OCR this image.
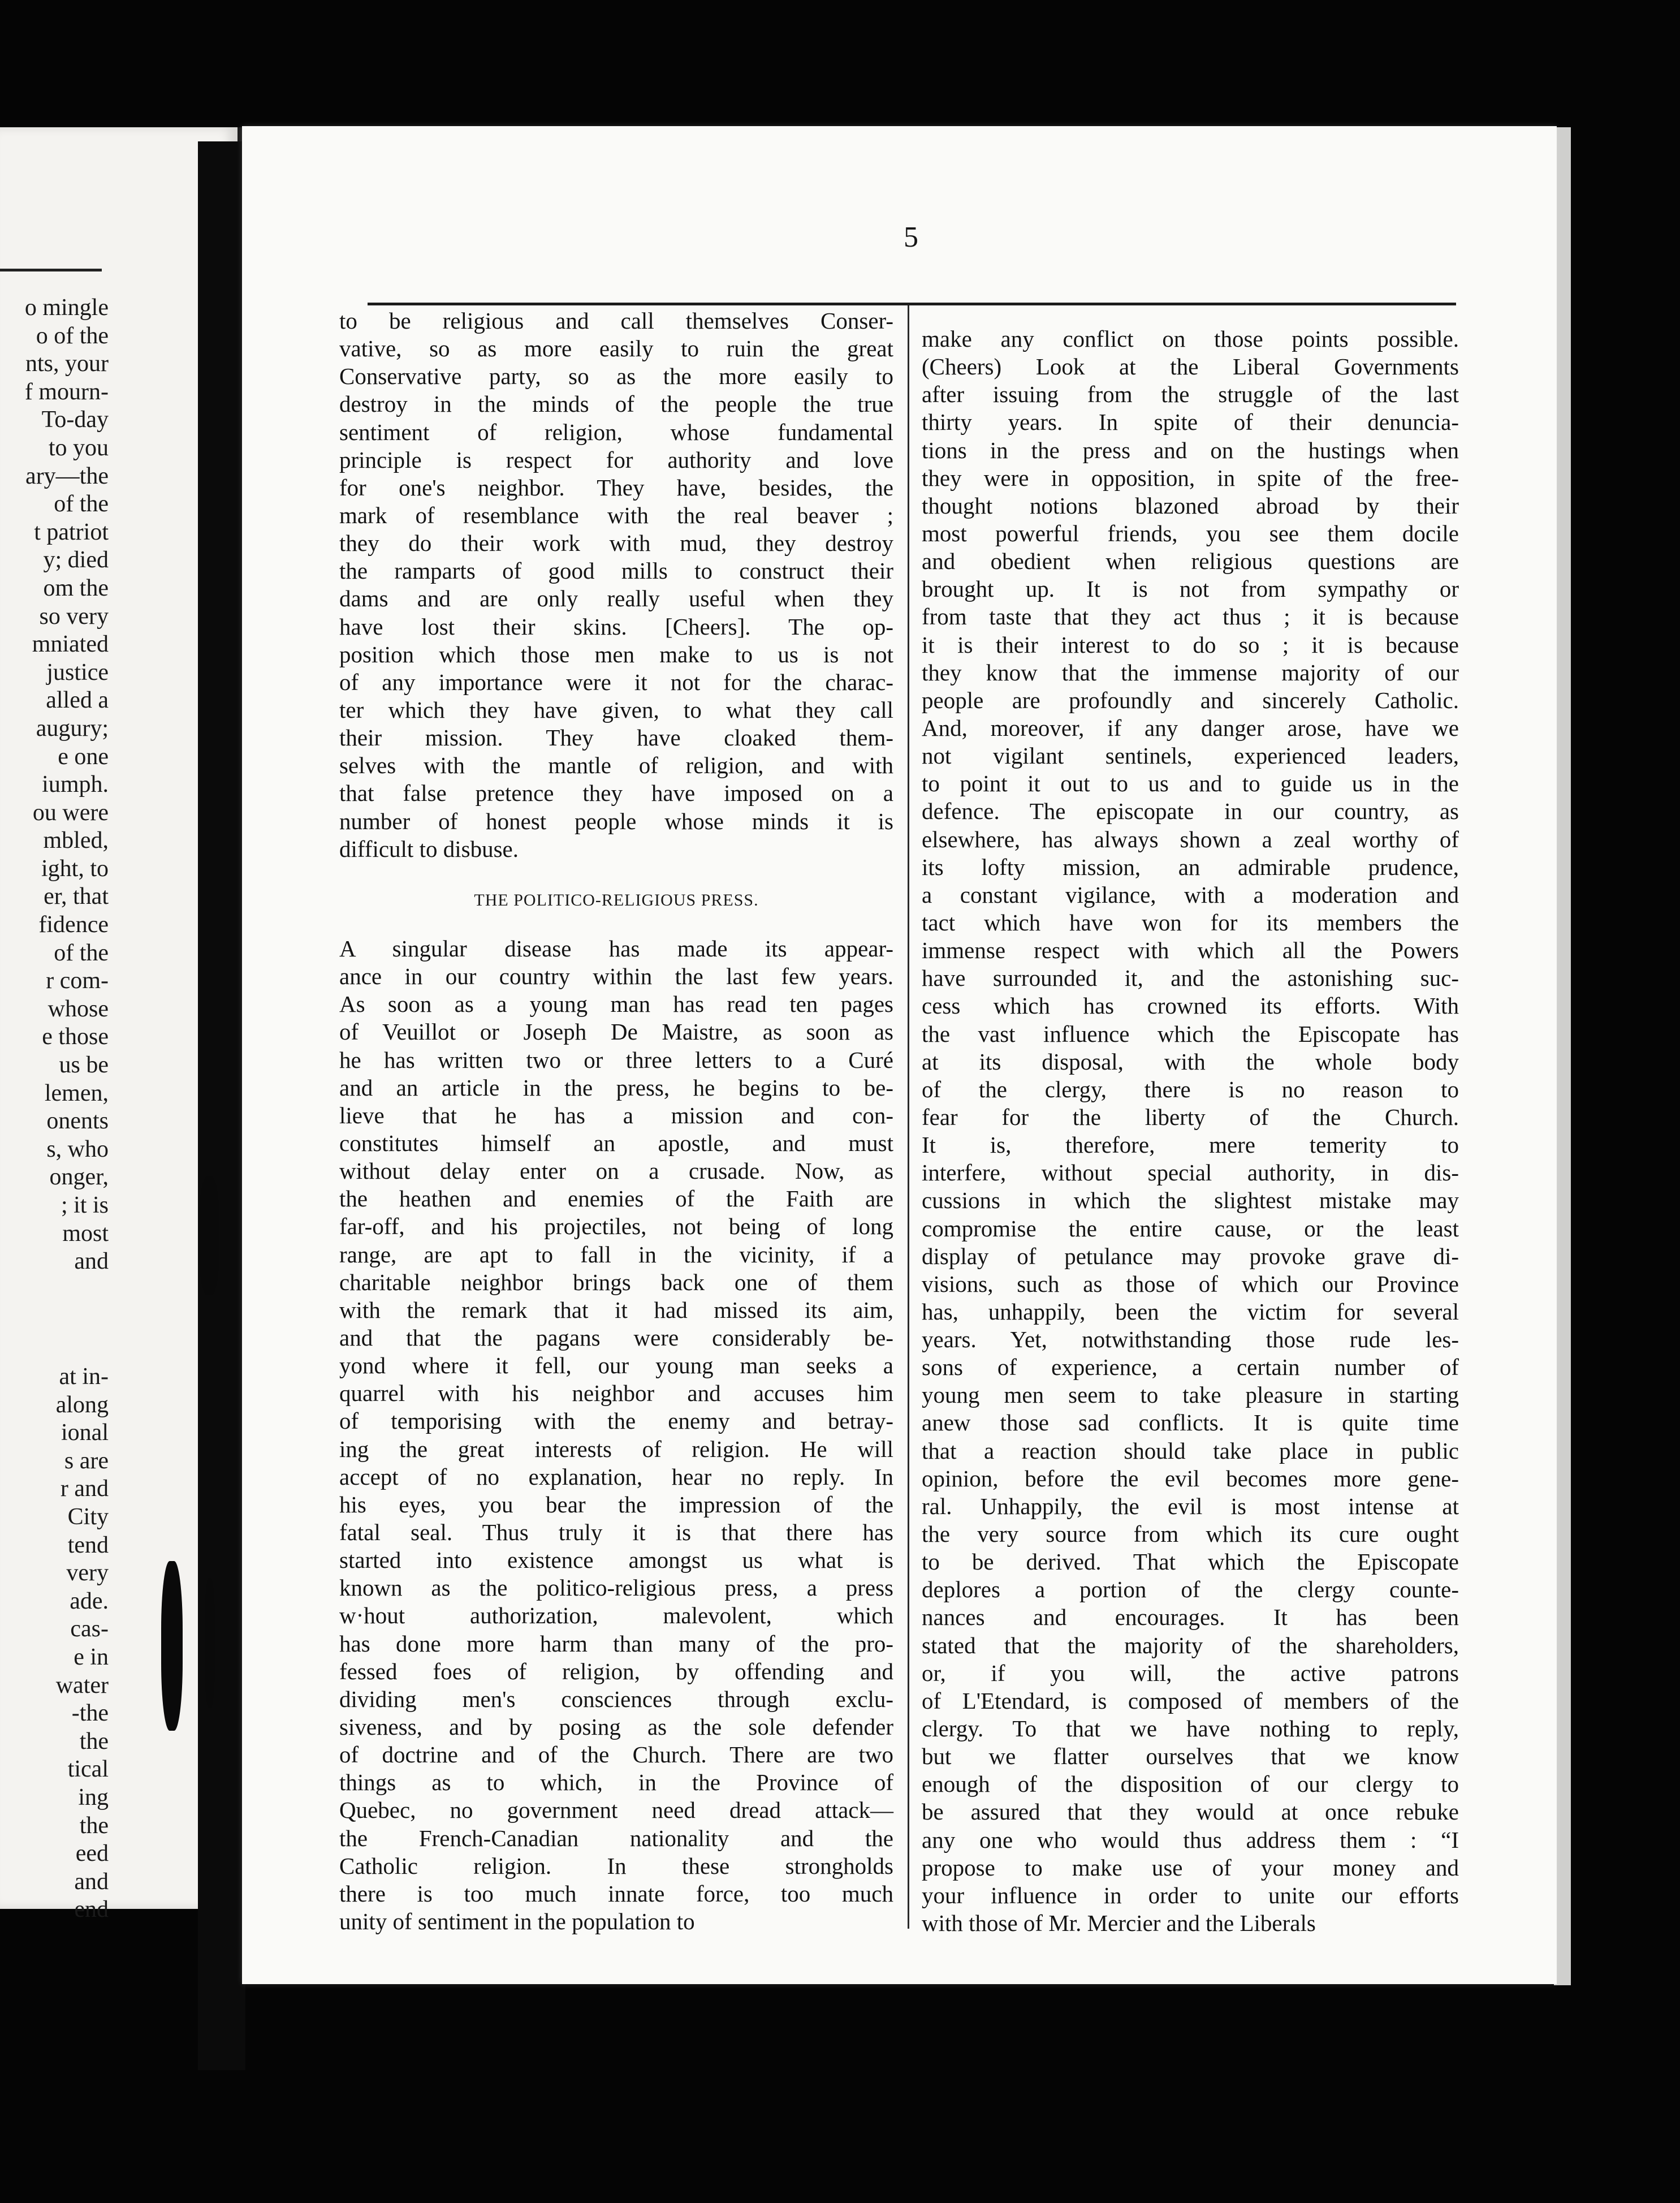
o mingle
o of the
nts, your
f mourn-
To-day
to you
ary—the
of the
t patriot
y; died
om the
so very
mniated
justice
alled a
augury;
e one
iumph.
ou were
mbled,
ight, to
er, that
fidence
of the
r com-
whose
e those
us be
lemen,
onents
s, who
onger,
; it is
most
and
at in-
along
ional
s are
r and
City
tend
very
ade.
cas-
e in
water
-the
the
tical
ing
the
eed
and
end
5
to be religious and call themselves Conser-
vative, so as more easily to ruin the great
Conservative party, so as the more easily to
destroy in the minds of the people the true
sentiment of religion, whose fundamental
principle is respect for authority and love
for one's neighbor. They have, besides, the
mark of resemblance with the real beaver ;
they do their work with mud, they destroy
the ramparts of good mills to construct their
dams and are only really useful when they
have lost their skins. [Cheers]. The op-
position which those men make to us is not
of any importance were it not for the charac-
ter which they have given, to what they call
their mission. They have cloaked them-
selves with the mantle of religion, and with
that false pretence they have imposed on a
number of honest people whose minds it is
difficult to disbuse.
THE POLITICO-RELIGIOUS PRESS.
A singular disease has made its appear-
ance in our country within the last few years.
As soon as a young man has read ten pages
of Veuillot or Joseph De Maistre, as soon as
he has written two or three letters to a Curé
and an article in the press, he begins to be-
lieve that he has a mission and con-
constitutes himself an apostle, and must
without delay enter on a crusade. Now, as
the heathen and enemies of the Faith are
far-off, and his projectiles, not being of long
range, are apt to fall in the vicinity, if a
charitable neighbor brings back one of them
with the remark that it had missed its aim,
and that the pagans were considerably be-
yond where it fell, our young man seeks a
quarrel with his neighbor and accuses him
of temporising with the enemy and betray-
ing the great interests of religion. He will
accept of no explanation, hear no reply. In
his eyes, you bear the impression of the
fatal seal. Thus truly it is that there has
started into existence amongst us what is
known as the politico-religious press, a press
w·hout authorization, malevolent, which
has done more harm than many of the pro-
fessed foes of religion, by offending and
dividing men's consciences through exclu-
siveness, and by posing as the sole defender
of doctrine and of the Church. There are two
things as to which, in the Province of
Quebec, no government need dread attack—
the French-Canadian nationality and the
Catholic religion. In these strongholds
there is too much innate force, too much
unity of sentiment in the population to
make any conflict on those points possible.
(Cheers) Look at the Liberal Governments
after issuing from the struggle of the last
thirty years. In spite of their denuncia-
tions in the press and on the hustings when
they were in opposition, in spite of the free-
thought notions blazoned abroad by their
most powerful friends, you see them docile
and obedient when religious questions are
brought up. It is not from sympathy or
from taste that they act thus ; it is because
it is their interest to do so ; it is because
they know that the immense majority of our
people are profoundly and sincerely Catholic.
And, moreover, if any danger arose, have we
not vigilant sentinels, experienced leaders,
to point it out to us and to guide us in the
defence. The episcopate in our country, as
elsewhere, has always shown a zeal worthy of
its lofty mission, an admirable prudence,
a constant vigilance, with a moderation and
tact which have won for its members the
immense respect with which all the Powers
have surrounded it, and the astonishing suc-
cess which has crowned its efforts. With
the vast influence which the Episcopate has
at its disposal, with the whole body
of the clergy, there is no reason to
fear for the liberty of the Church.
It is, therefore, mere temerity to
interfere, without special authority, in dis-
cussions in which the slightest mistake may
compromise the entire cause, or the least
display of petulance may provoke grave di-
visions, such as those of which our Province
has, unhappily, been the victim for several
years. Yet, notwithstanding those rude les-
sons of experience, a certain number of
young men seem to take pleasure in starting
anew those sad conflicts. It is quite time
that a reaction should take place in public
opinion, before the evil becomes more gene-
ral. Unhappily, the evil is most intense at
the very source from which its cure ought
to be derived. That which the Episcopate
deplores a portion of the clergy counte-
nances and encourages. It has been
stated that the majority of the shareholders,
or, if you will, the active patrons
of L'Etendard, is composed of members of the
clergy. To that we have nothing to reply,
but we flatter ourselves that we know
enough of the disposition of our clergy to
be assured that they would at once rebuke
any one who would thus address them : “I
propose to make use of your money and
your influence in order to unite our efforts
with those of Mr. Mercier and the Liberals
